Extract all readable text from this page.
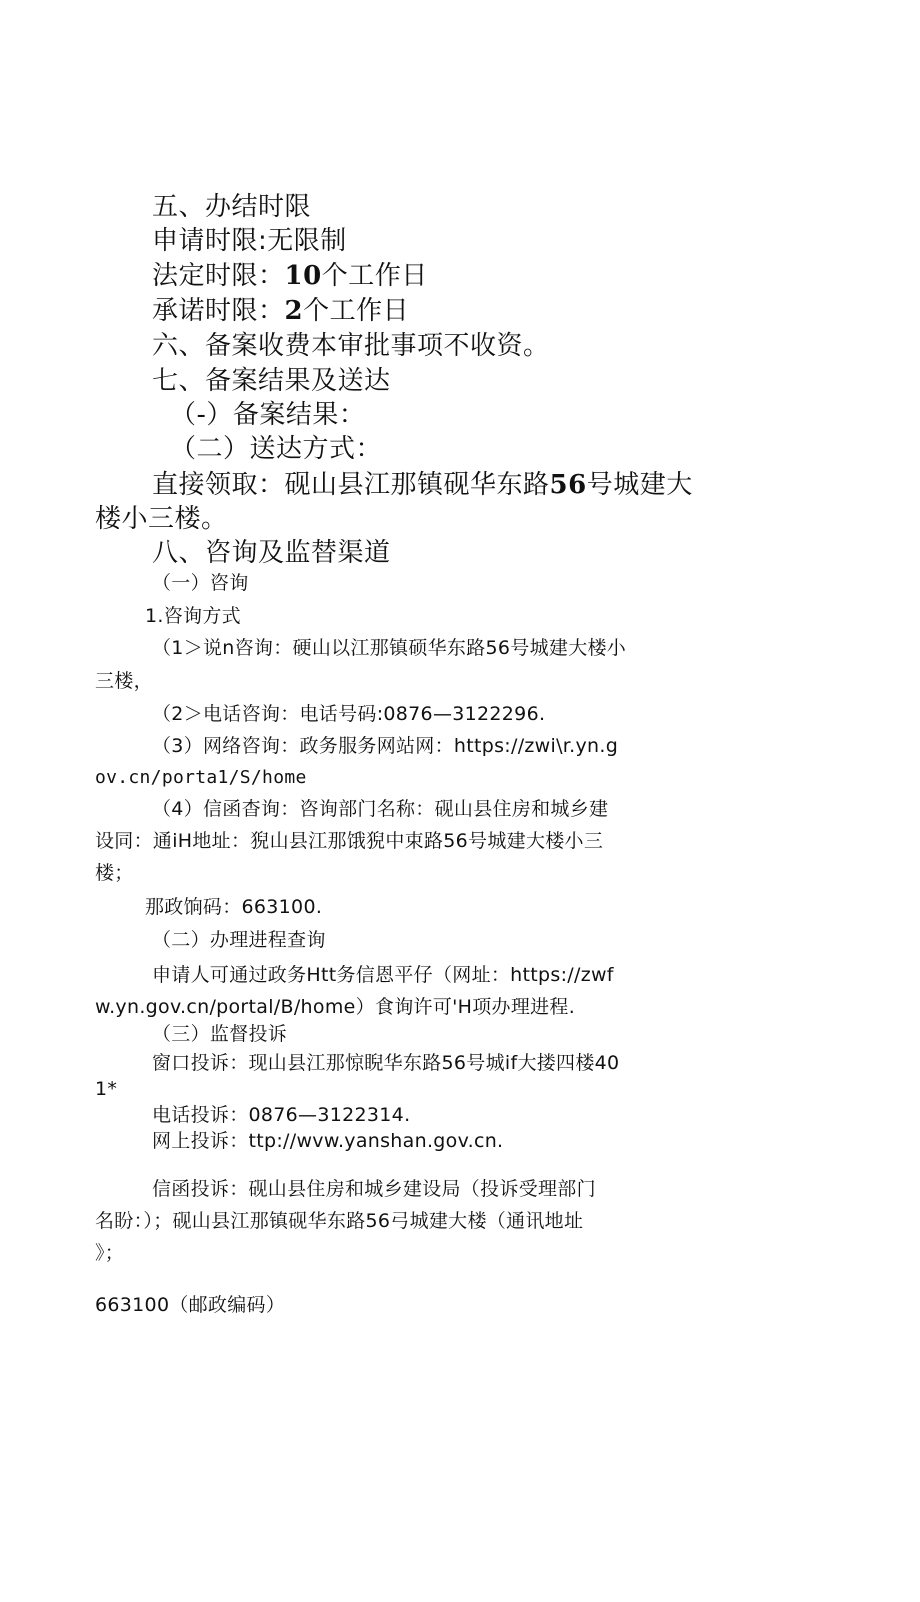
五、办结时限
申请时限:无限制
法定时限：10个工作日
承诺时限：2个工作日
六、备案收费本审批事项不收资。
七、备案结果及送达
（-）备案结果：
（二）送达方式：
直接领取：砚山县江那镇砚华东路56号城建大
楼小三楼。
八、咨询及监替渠道
（一）咨询
1.咨询方式
（1＞说n咨询：硬山以江那镇硕华东路56号城建大楼小
三楼，
（2＞电话咨询：电话号码:0876—3122296.
（3）网络咨询：政务服务网站网：https://zwi\r.yn.g
ov.cn/porta1/S/home
（4）信函杳询：咨询部门名称：砚山县住房和城乡建
设同：通iH地址：猊山县江那饿猊中束路56号城建大楼小三
楼；
那政饷码：663100.
（二）办理进程查询
申请人可通过政务Htt务信恩平仔（网址：https://zwf
w.yn.gov.cn/portal/B/home）食询许可'H项办理进程.
（三）监督投诉
窗口投诉：现山县江那惊睨华东路56号城if大搂四楼40
1*
电话投诉：0876—3122314.
网上投诉：ttp://wvw.yanshan.gov.cn.
信函投诉：砚山县住房和城乡建设局（投诉受理部门
名盼：）；砚山县江那镇砚华东路56弓城建大楼（通讯地址
》；
663100（邮政编码）
